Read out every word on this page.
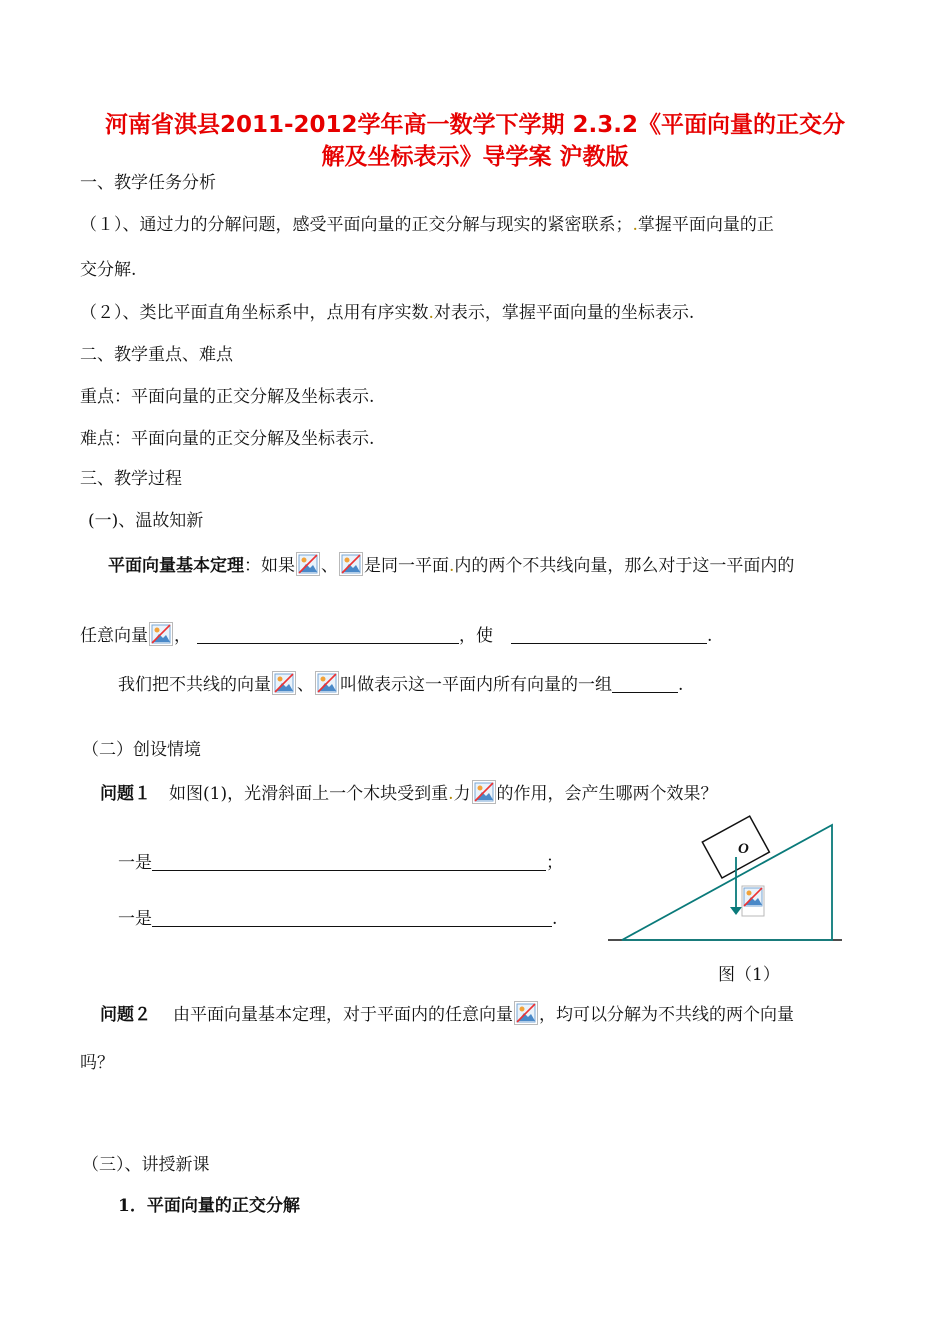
河南省淇县2011-2012学年高一数学下学期 2.3.2《平面向量的正交分
解及坐标表示》导学案 沪教版
一、教学任务分析
（１）、通过力的分解问题，感受平面向量的正交分解与现实的紧密联系；.掌握平面向量的正
交分解.
（２）、类比平面直角坐标系中，点用有序实数.对表示，掌握平面向量的坐标表示.
二、教学重点、难点
重点：平面向量的正交分解及坐标表示.
难点：平面向量的正交分解及坐标表示.
三、教学过程
(一)、温故知新
平面向量基本定理：如果 、 是同一平面.内的两个不共线向量，那么对于这一平面内的
任意向量 ，	，使	.
我们把不共线的向量 、 叫做表示这一平面内所有向量的一组	.
（二）创设情境
问题１ 如图(1)，光滑斜面上一个木块受到重.力 的作用，会产生哪两个效果？
一是	；
一是	.
O
图（1）
问题２ 由平面向量基本定理，对于平面内的任意向量 ，均可以分解为不共线的两个向量
吗？
（三）、讲授新课
1．平面向量的正交分解
